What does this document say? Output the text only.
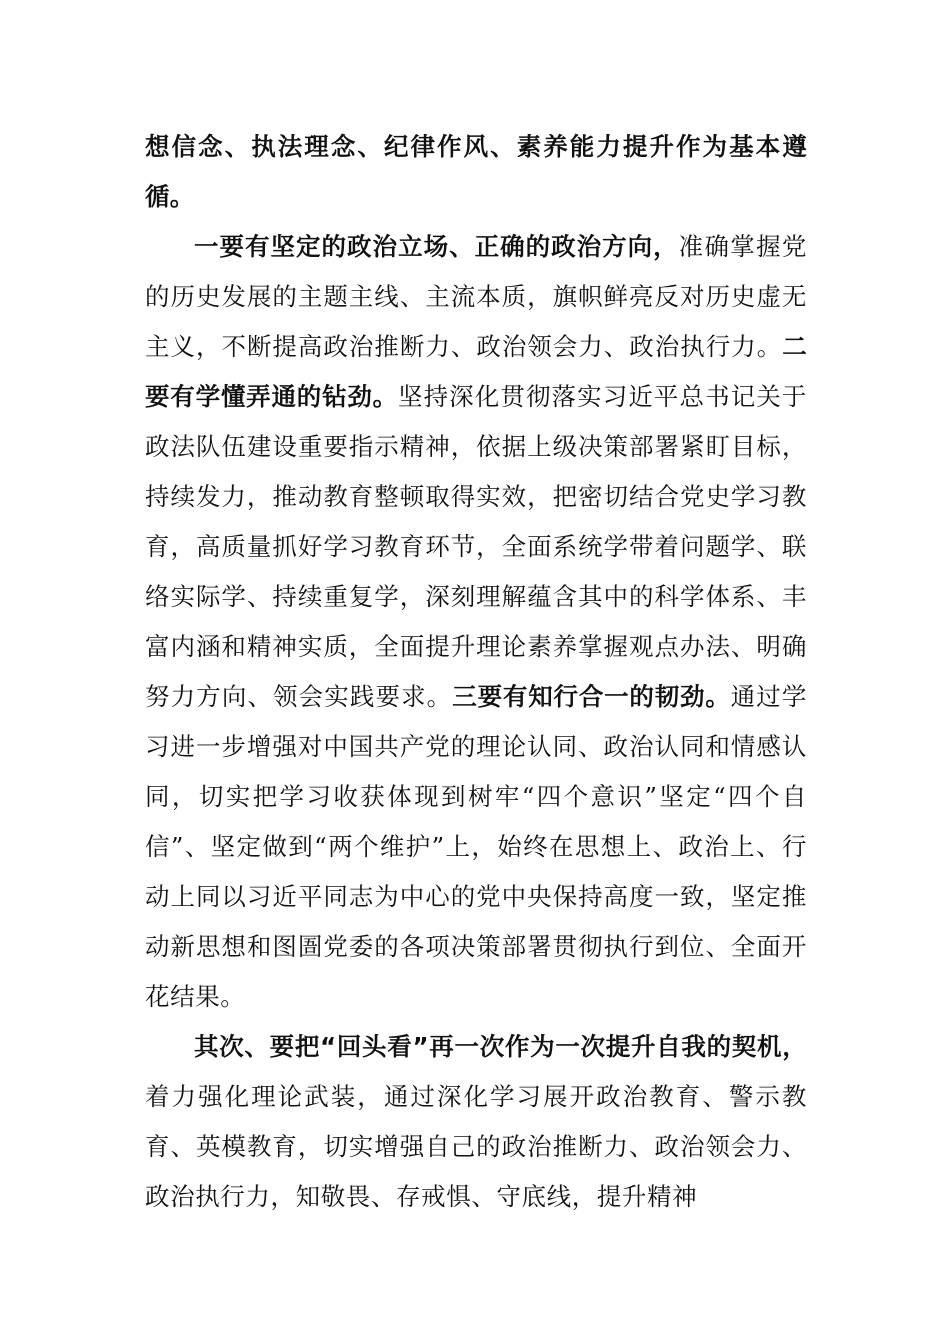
想信念、执法理念、纪律作风、素养能力提升作为基本遵循。

一要有坚定的政治立场、正确的政治方向，准确掌握党的历史发展的主题主线、主流本质，旗帜鲜亮反对历史虚无主义，不断提高政治推断力、政治领会力、政治执行力。二要有学懂弄通的钻劲。坚持深化贯彻落实习近平总书记关于政法队伍建设重要指示精神，依据上级决策部署紧盯目标，持续发力，推动教育整顿取得实效，把密切结合党史学习教育，高质量抓好学习教育环节，全面系统学带着问题学、联络实际学、持续重复学，深刻理解蕴含其中的科学体系、丰富内涵和精神实质，全面提升理论素养掌握观点办法、明确努力方向、领会实践要求。三要有知行合一的韧劲。通过学习进一步增强对中国共产党的理论认同、政治认同和情感认同，切实把学习收获体现到树牢“四个意识”坚定“四个自信”、坚定做到“两个维护”上，始终在思想上、政治上、行动上同以习近平同志为中心的党中央保持高度一致，坚定推动新思想和图圄党委的各项决策部署贯彻执行到位、全面开花结果。

其次、要把“回头看”再一次作为一次提升自我的契机，着力强化理论武装，通过深化学习展开政治教育、警示教育、英模教育，切实增强自己的政治推断力、政治领会力、政治执行力，知敬畏、存戒惧、守底线，提升精神
